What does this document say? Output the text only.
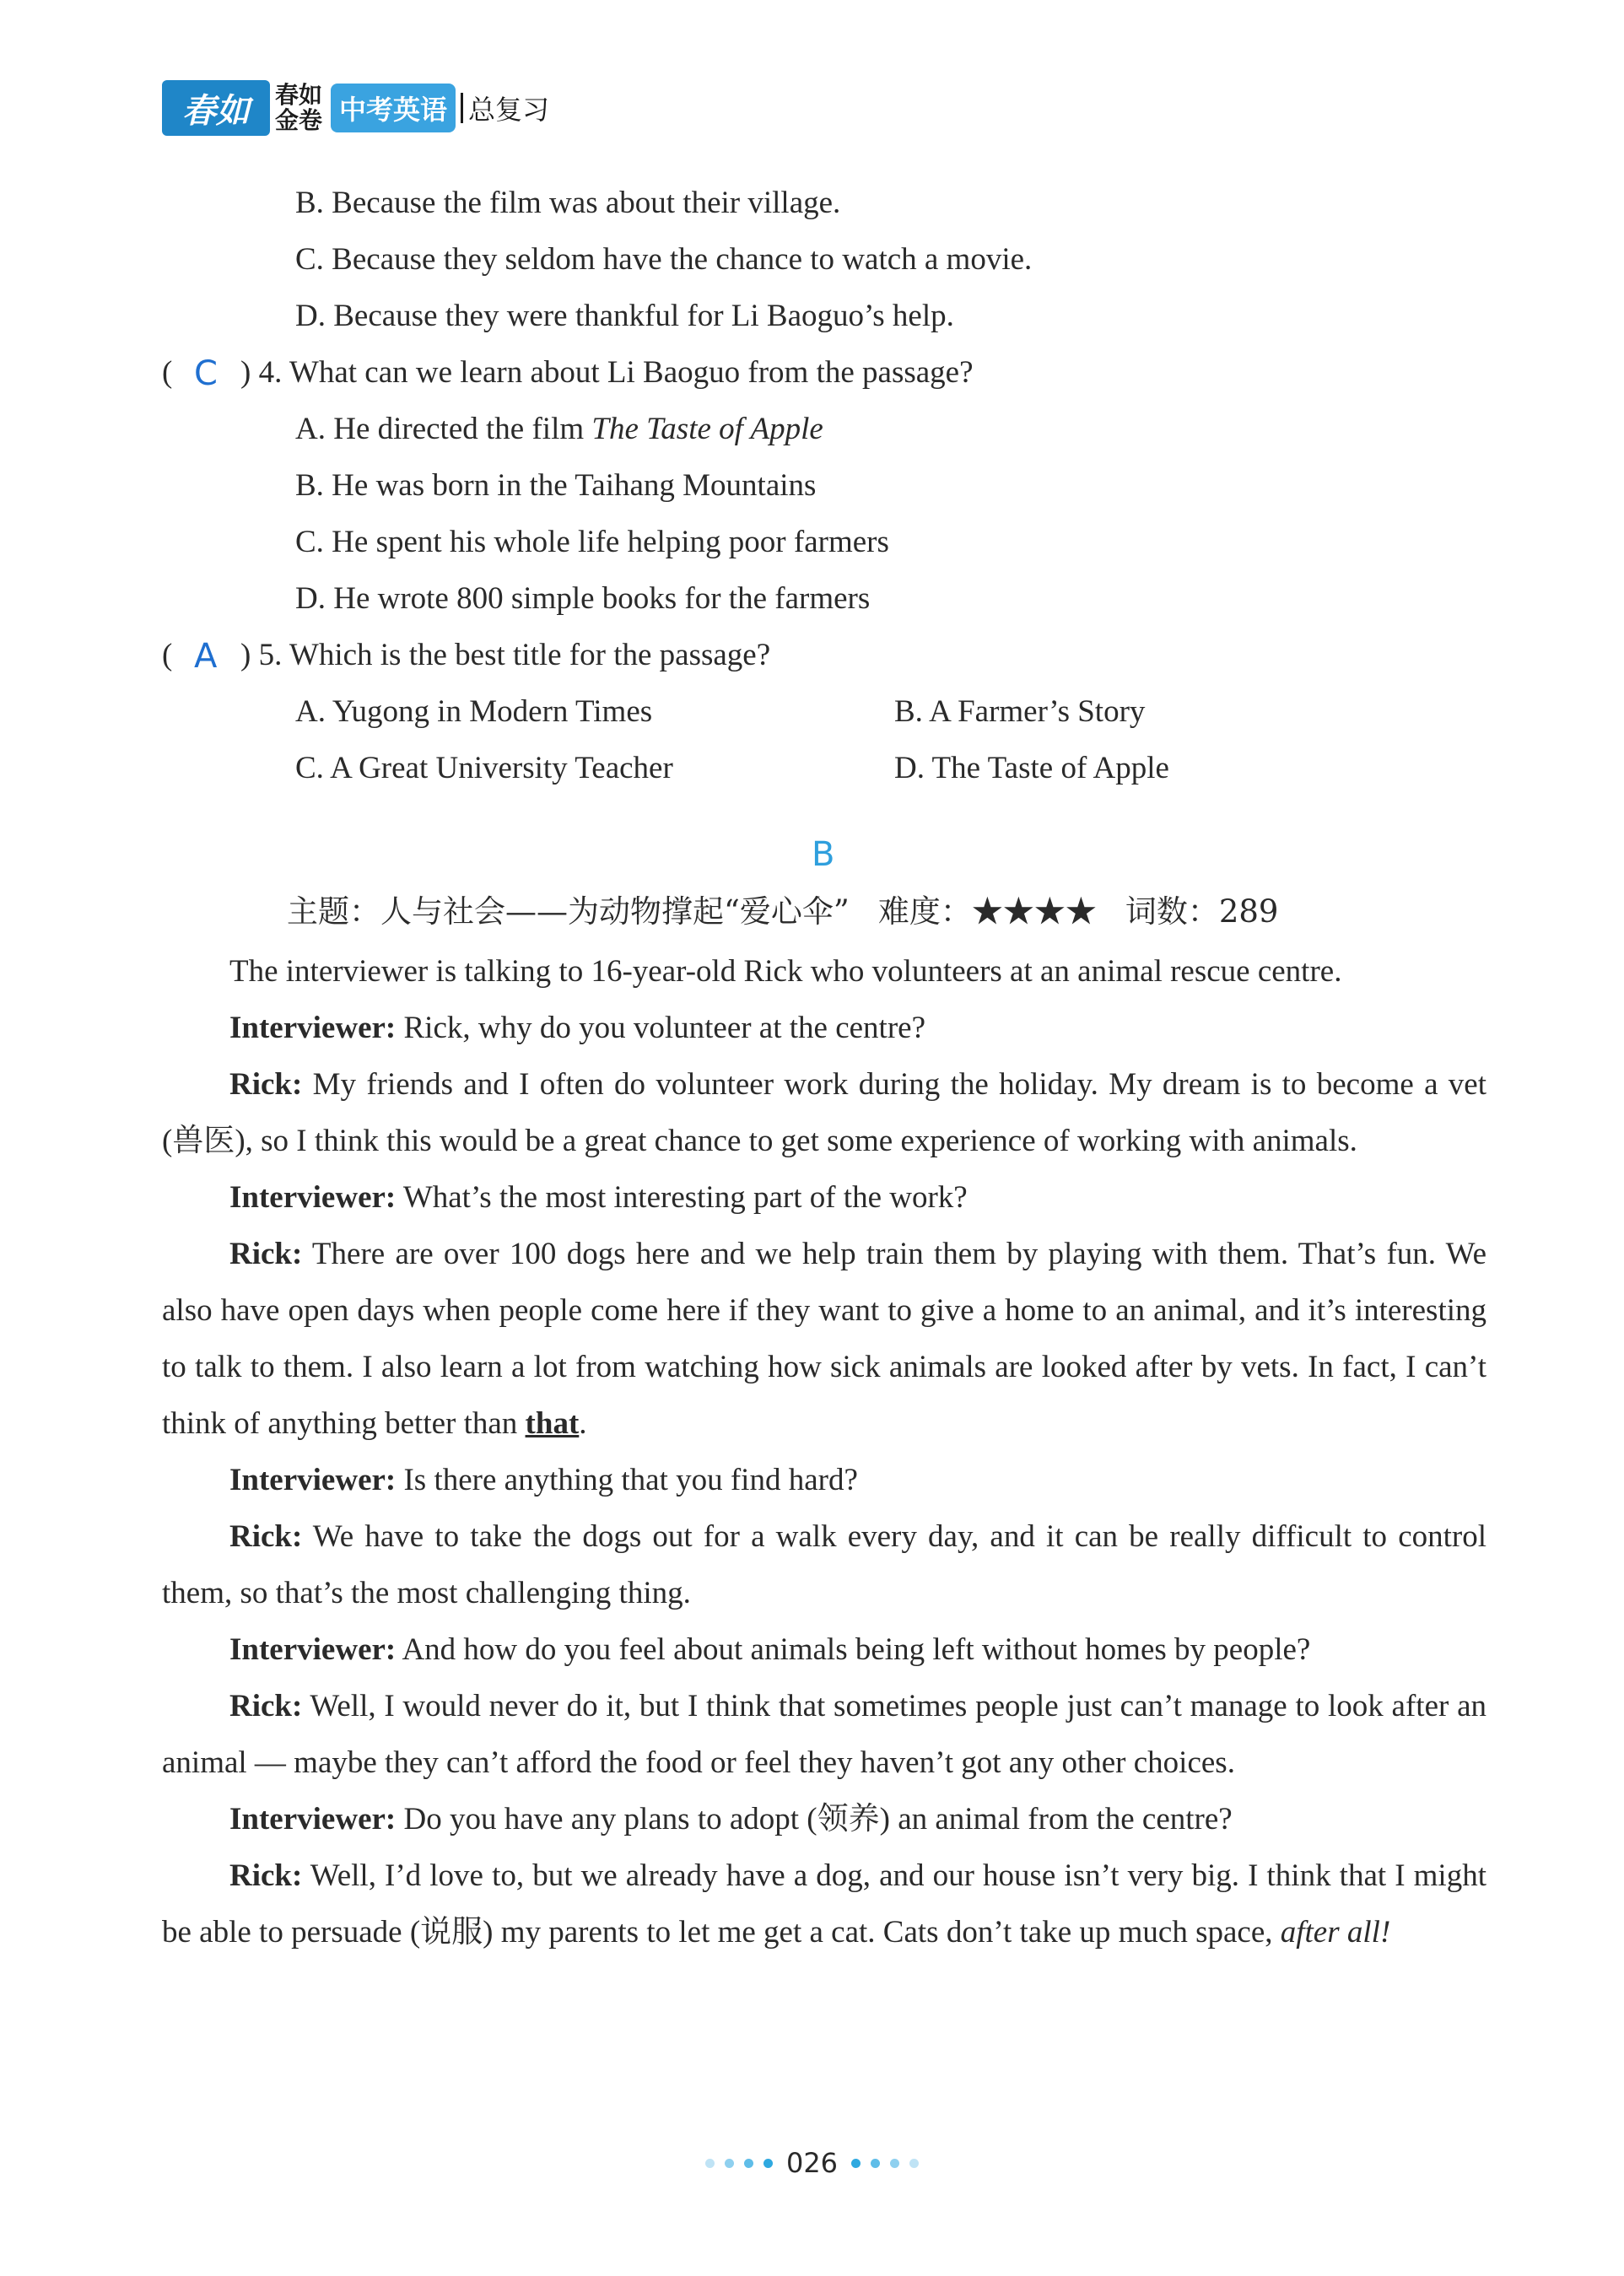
春如 春如
金卷 中考英语 总复习
B. Because the film was about their village.
C. Because they seldom have the chance to watch a movie.
D. Because they were thankful for Li Baoguo’s help.
( C ) 4. What can we learn about Li Baoguo from the passage?
A. He directed the film The Taste of Apple
B. He was born in the Taihang Mountains
C. He spent his whole life helping poor farmers
D. He wrote 800 simple books for the farmers
( A ) 5. Which is the best title for the passage?
A. Yugong in Modern Times	B. A Farmer’s Story
C. A Great University Teacher	D. The Taste of Apple
B
主题：人与社会——为动物撑起“爱心伞” 难度：★★★★ 词数：289
The interviewer is talking to 16-year-old Rick who volunteers at an animal rescue centre.
Interviewer: Rick, why do you volunteer at the centre?
Rick: My friends and I often do volunteer work during the holiday. My dream is to become a vet (兽医), so I think this would be a great chance to get some experience of working with animals.
Interviewer: What’s the most interesting part of the work?
Rick: There are over 100 dogs here and we help train them by playing with them. That’s fun. We also have open days when people come here if they want to give a home to an animal, and it’s interesting to talk to them. I also learn a lot from watching how sick animals are looked after by vets. In fact, I can’t think of anything better than that.
Interviewer: Is there anything that you find hard?
Rick: We have to take the dogs out for a walk every day, and it can be really difficult to control them, so that’s the most challenging thing.
Interviewer: And how do you feel about animals being left without homes by people?
Rick: Well, I would never do it, but I think that sometimes people just can’t manage to look after an animal — maybe they can’t afford the food or feel they haven’t got any other choices.
Interviewer: Do you have any plans to adopt (领养) an animal from the centre?
Rick: Well, I’d love to, but we already have a dog, and our house isn’t very big. I think that I might be able to persuade (说服) my parents to let me get a cat. Cats don’t take up much space, after all!
026
